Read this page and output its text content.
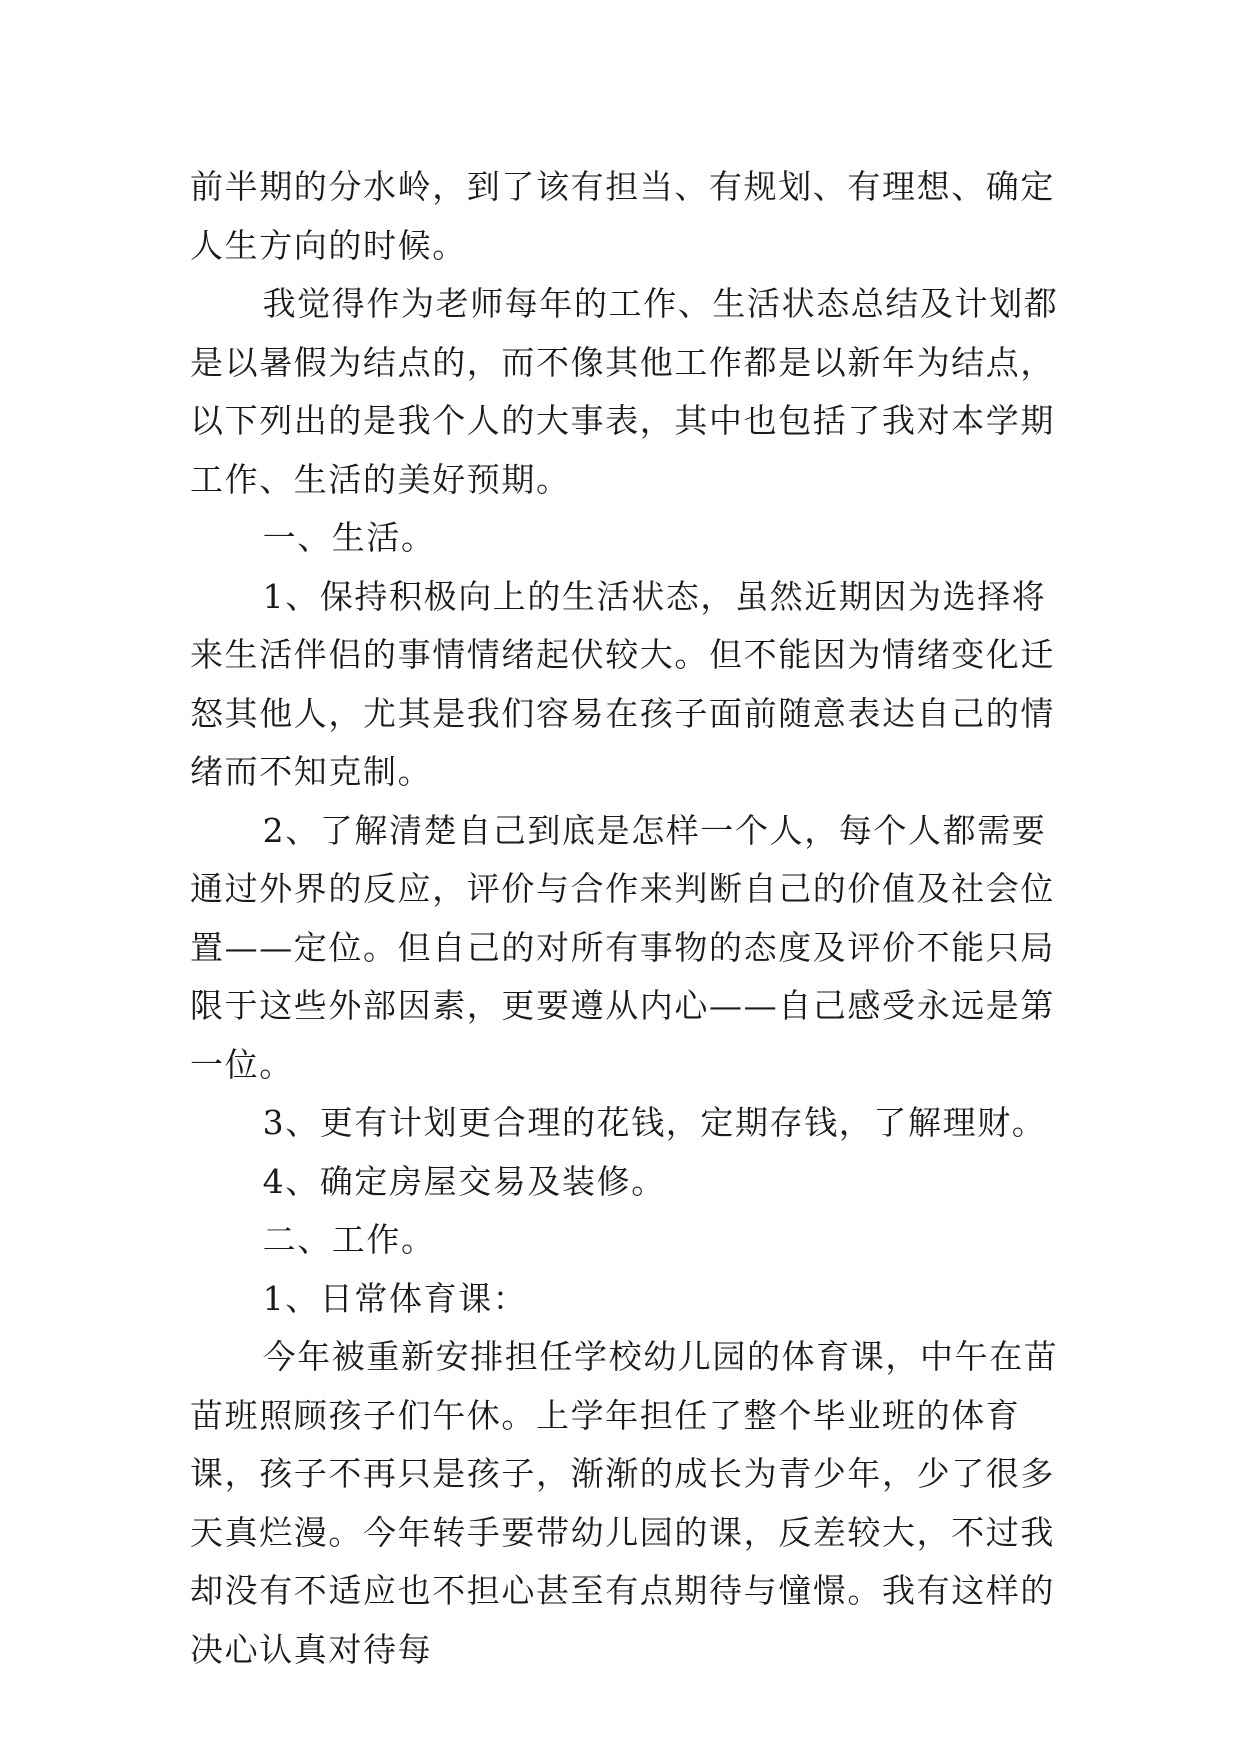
前半期的分水岭，到了该有担当、有规划、有理想、确定人生方向的时候。

我觉得作为老师每年的工作、生活状态总结及计划都是以暑假为结点的，而不像其他工作都是以新年为结点，以下列出的是我个人的大事表，其中也包括了我对本学期工作、生活的美好预期。

一、生活。

1、保持积极向上的生活状态，虽然近期因为选择将来生活伴侣的事情情绪起伏较大。但不能因为情绪变化迁怒其他人，尤其是我们容易在孩子面前随意表达自己的情绪而不知克制。

2、了解清楚自己到底是怎样一个人，每个人都需要通过外界的反应，评价与合作来判断自己的价值及社会位置——定位。但自己的对所有事物的态度及评价不能只局限于这些外部因素，更要遵从内心——自己感受永远是第一位。

3、更有计划更合理的花钱，定期存钱，了解理财。

4、确定房屋交易及装修。

二、工作。

1、日常体育课：

今年被重新安排担任学校幼儿园的体育课，中午在苗苗班照顾孩子们午休。上学年担任了整个毕业班的体育课，孩子不再只是孩子，渐渐的成长为青少年，少了很多天真烂漫。今年转手要带幼儿园的课，反差较大，不过我却没有不适应也不担心甚至有点期待与憧憬。我有这样的决心认真对待每
